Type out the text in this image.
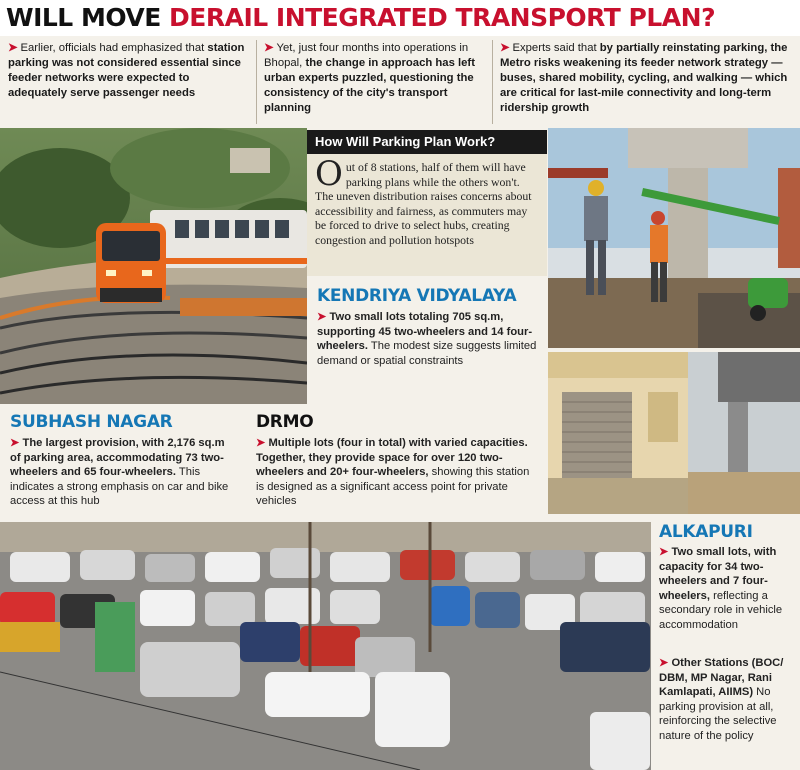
WILL MOVE DERAIL INTEGRATED TRANSPORT PLAN?
➤ Earlier, officials had emphasized that station parking was not considered essential since feeder networks were expected to adequately serve passenger needs
➤ Yet, just four months into operations in Bhopal, the change in approach has left urban experts puzzled, questioning the consistency of the city's transport planning
➤ Experts said that by partially reinstating parking, the Metro risks weakening its feeder network strategy — buses, shared mobility, cycling, and walking — which are critical for last-mile connectivity and long-term ridership growth
How Will Parking Plan Work?
Out of 8 stations, half of them will have parking plans while the others won't. The uneven distribution raises concerns about accessibility and fairness, as commuters may be forced to drive to select hubs, creating congestion and pollution hotspots
KENDRIYA VIDYALAYA
➤ Two small lots totaling 705 sq.m, supporting 45 two-wheelers and 14 four-wheelers. The modest size suggests limited demand or spatial constraints
SUBHASH NAGAR
➤ The largest provision, with 2,176 sq.m of parking area, accommodating 73 two-wheelers and 65 four-wheelers. This indicates a strong emphasis on car and bike access at this hub
DRMO
➤ Multiple lots (four in total) with varied capacities. Together, they provide space for over 120 two-wheelers and 20+ four-wheelers, showing this station is designed as a significant access point for private vehicles
ALKAPURI
➤ Two small lots, with capacity for 34 two-wheelers and 7 four-wheelers, reflecting a secondary role in vehicle accommodation
➤ Other Stations (BOC/ DBM, MP Nagar, Rani Kamlapati, AIIMS) No parking provision at all, reinforcing the selective nature of the policy
